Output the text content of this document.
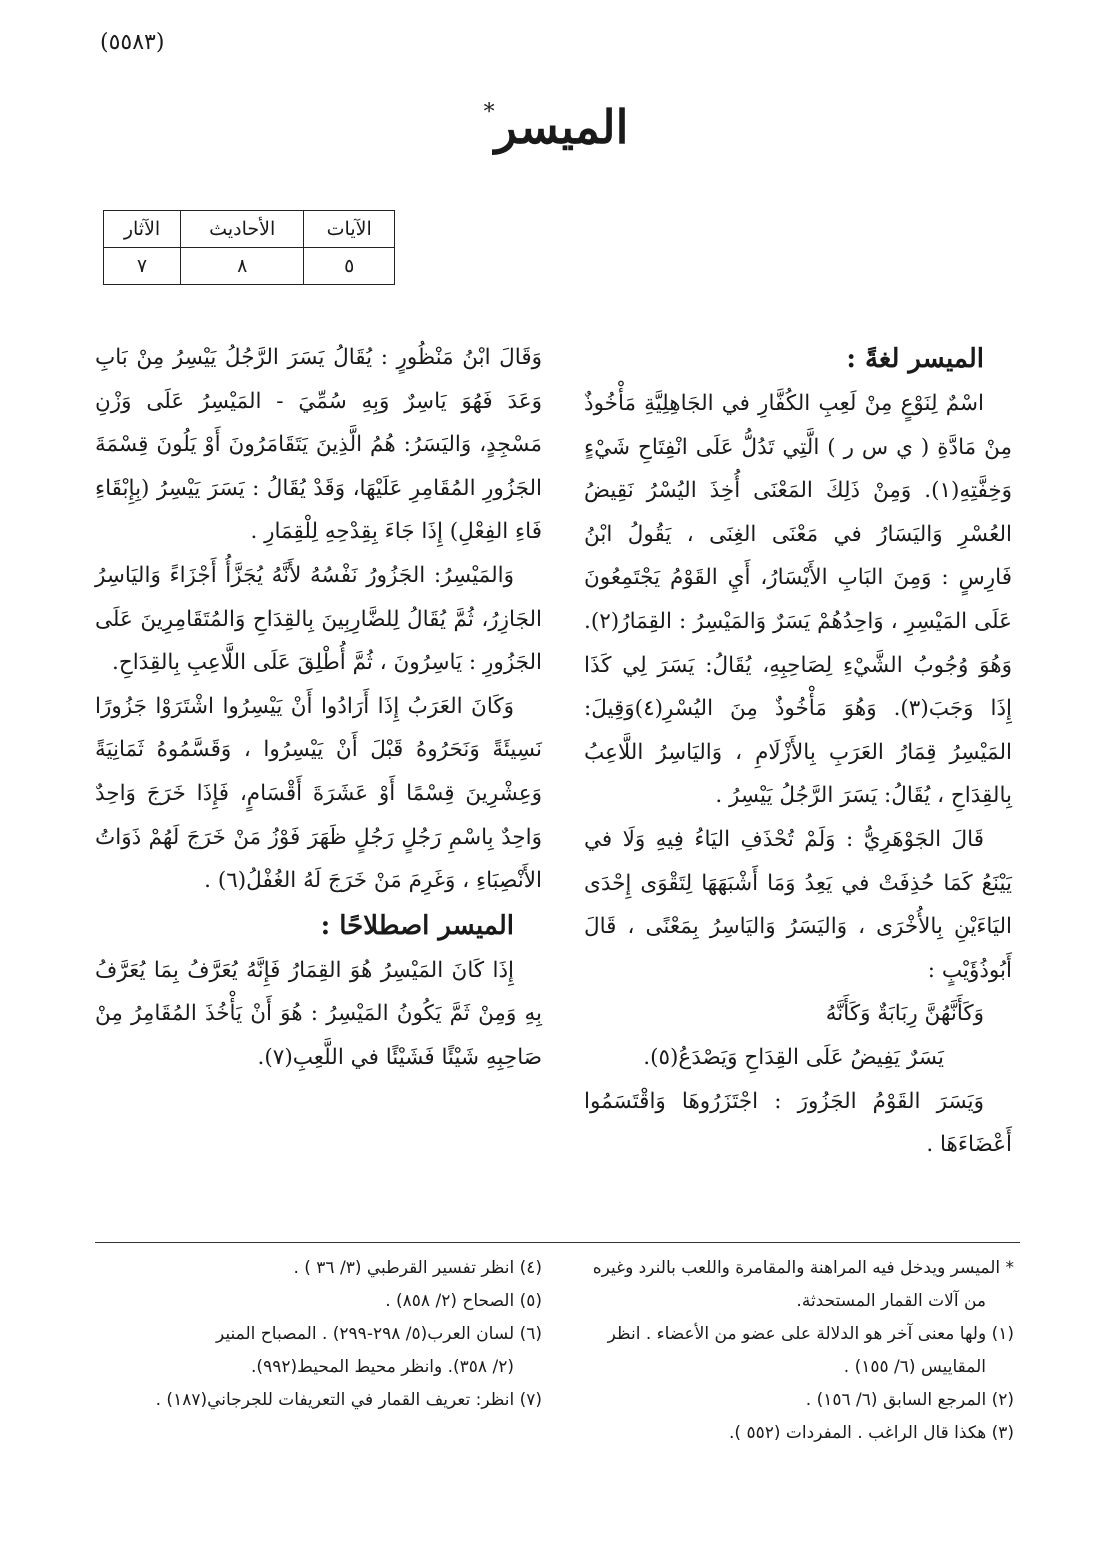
(٥٥٨٣)
الميسر*
الآيات	الأحاديث	الآثار
٥	٨	٧

الميسر لغةً :

اسْمٌ لِنَوْعٍ مِنْ لَعِبِ الكُفَّارِ في الجَاهِلِيَّةِ مَأْخُوذٌ مِنْ مَادَّةِ ( ي س ر ) الَّتِي تَدُلُّ عَلَى انْفِتَاحِ شَيْءٍ وَخِفَّتِهِ(١). وَمِنْ ذَلِكَ المَعْنَى أُخِذَ اليُسْرُ نَقِيضُ العُسْرِ وَاليَسَارُ في مَعْنَى الغِنَى ، يَقُولُ ابْنُ فَارِسٍ : وَمِنَ البَابِ الأَيْسَارُ، أَيِ القَوْمُ يَجْتَمِعُونَ عَلَى المَيْسِرِ ، وَاحِدُهُمْ يَسَرٌ وَالمَيْسِرُ : القِمَارُ(٢). وَهُوَ وُجُوبُ الشَّيْءِ لِصَاحِبِهِ، يُقَالُ: يَسَرَ لِي كَذَا إِذَا وَجَبَ(٣). وَهُوَ مَأْخُوذٌ مِنَ اليُسْرِ(٤)وَقِيلَ: المَيْسِرُ قِمَارُ العَرَبِ بِالأَزْلَامِ ، وَاليَاسِرُ اللَّاعِبُ بِالقِدَاحِ ، يُقَالُ: يَسَرَ الرَّجُلُ يَيْسِرُ .

قَالَ الجَوْهَرِيُّ : وَلَمْ تُحْذَفِ اليَاءُ فِيهِ وَلَا في يَيْنَعُ كَمَا حُذِفَتْ في يَعِدُ وَمَا أَشْبَهَهَا لِتَقْوَى إِحْدَى اليَاءَيْنِ بِالأُخْرَى ، وَاليَسَرُ وَاليَاسِرُ بِمَعْنًى ، قَالَ أَبُوذُؤَيْبٍ :

وَكَأَنَّهُنَّ رِبَابَةٌ وَكَأَنَّهُ

يَسَرٌ يَفِيضُ عَلَى القِدَاحِ وَيَصْدَعُ(٥).

وَيَسَرَ القَوْمُ الجَزُورَ : اجْتَزَرُوهَا وَاقْتَسَمُوا أَعْضَاءَهَا .

وَقَالَ ابْنُ مَنْظُورٍ : يُقَالُ يَسَرَ الرَّجُلُ يَيْسِرُ مِنْ بَابِ وَعَدَ فَهُوَ يَاسِرٌ وَبِهِ سُمِّيَ - المَيْسِرُ عَلَى وَزْنِ مَسْجِدٍ، وَاليَسَرُ: هُمُ الَّذِينَ يَتَقَامَرُونَ أَوْ يَلُونَ قِسْمَةَ الجَزُورِ المُقَامِرِ عَلَيْهَا، وَقَدْ يُقَالُ : يَسَرَ يَيْسِرُ (بِإِبْقَاءِ فَاءِ الفِعْلِ) إِذَا جَاءَ بِقِدْحِهِ لِلْقِمَارِ .

وَالمَيْسِرُ: الجَزُورُ نَفْسُهُ لأَنَّهُ يُجَزَّأُ أَجْزَاءً وَاليَاسِرُ الجَازِرُ، ثُمَّ يُقَالُ لِلضَّارِبِينَ بِالقِدَاحِ وَالمُتَقَامِرِينَ عَلَى الجَزُورِ : يَاسِرُونَ ، ثُمَّ أُطْلِقَ عَلَى اللَّاعِبِ بِالقِدَاحِ.

وَكَانَ العَرَبُ إِذَا أَرَادُوا أَنْ يَيْسِرُوا اشْتَرَوْا جَزُورًا نَسِيئَةً وَنَحَرُوهُ قَبْلَ أَنْ يَيْسِرُوا ، وَقَسَّمُوهُ ثَمَانِيَةً وَعِشْرِينَ قِسْمًا أَوْ عَشَرَةَ أَقْسَامٍ، فَإِذَا خَرَجَ وَاحِدٌ وَاحِدٌ بِاسْمِ رَجُلٍ رَجُلٍ ظَهَرَ فَوْزُ مَنْ خَرَجَ لَهُمْ ذَوَاتُ الأَنْصِبَاءِ ، وَغَرِمَ مَنْ خَرَجَ لَهُ الغُفْلُ(٦) .

الميسر اصطلاحًا :

إِذَا كَانَ المَيْسِرُ هُوَ القِمَارُ فَإِنَّهُ يُعَرَّفُ بِمَا يُعَرَّفُ بِهِ وَمِنْ ثَمَّ يَكُونُ المَيْسِرُ : هُوَ أَنْ يَأْخُذَ المُقَامِرُ مِنْ صَاحِبِهِ شَيْئًا فَشَيْئًا في اللَّعِبِ(٧).

* الميسر ويدخل فيه المراهنة والمقامرة واللعب بالنرد وغيره
من آلات القمار المستحدثة.

(١) ولها معنى آخر هو الدلالة على عضو من الأعضاء . انظر
المقاييس (٦/ ١٥٥) .

(٢) المرجع السابق (٦/ ١٥٦) .

(٣) هكذا قال الراغب . المفردات (٥٥٢ ).

(٤) انظر تفسير القرطبي (٣/ ٣٦ ) .

(٥) الصحاح (٢/ ٨٥٨) .

(٦) لسان العرب(٥/ ٢٩٨-٢٩٩) . المصباح المنير
(٢/ ٣٥٨). وانظر محيط المحيط(٩٩٢).

(٧) انظر: تعريف القمار في التعريفات للجرجاني(١٨٧) .
